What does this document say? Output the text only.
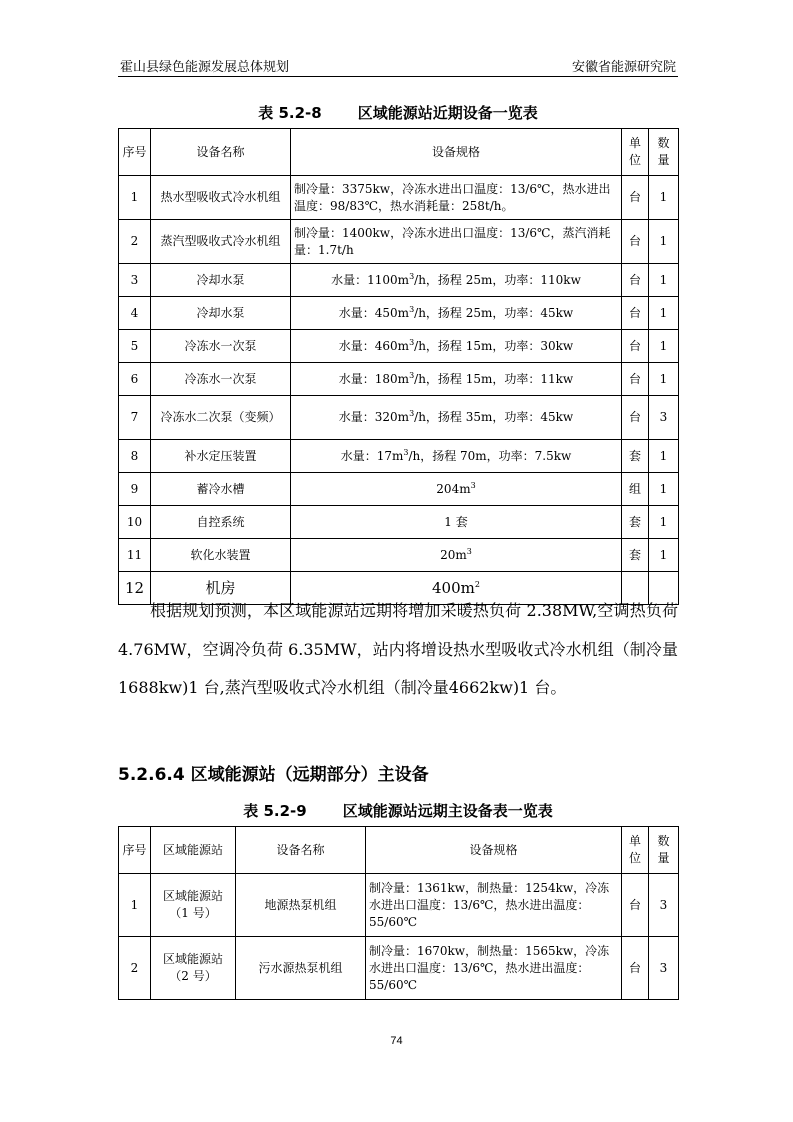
霍山县绿色能源发展总体规划	安徽省能源研究院
表 5.2-8 区域能源站近期设备一览表
序号	设备名称	设备规格	单位	数量
1	热水型吸收式冷水机组	制冷量：3375kw，冷冻水进出口温度：13/6℃，热水进出温度：98/83℃，热水消耗量：258t/h。	台	1
2	蒸汽型吸收式冷水机组	制冷量：1400kw，冷冻水进出口温度：13/6℃，蒸汽消耗量：1.7t/h	台	1
3	冷却水泵	水量：$1100m^3/h$，扬程 25m，功率：110kw	台	1
4	冷却水泵	水量：$450m^3/h$，扬程 25m，功率：45kw	台	1
5	冷冻水一次泵	水量：$460m^3/h$，扬程 15m，功率：30kw	台	1
6	冷冻水一次泵	水量：$180m^3/h$，扬程 15m，功率：11kw	台	1
7	冷冻水二次泵（变频）	水量：$320m^3/h$，扬程 35m，功率：45kw	台	3
8	补水定压装置	水量：$17m^3/h$，扬程 70m，功率：7.5kw	套	1
9	蓄冷水槽	$204m^3$	组	1
10	自控系统	1 套	套	1
11	软化水装置	$20m^3$	套	1
12	机房	$400m^2$		
根据规划预测，本区域能源站远期将增加采暖热负荷 2.38MW,空调热负荷 4.76MW，空调冷负荷 6.35MW，站内将增设热水型吸收式冷水机组（制冷量 1688kw)1 台,蒸汽型吸收式冷水机组（制冷量4662kw)1 台。
5.2.6.4 区域能源站（远期部分）主设备
表 5.2-9 区域能源站远期主设备表一览表
序号	区域能源站	设备名称	设备规格	单位	数量
1	区域能源站（1 号）	地源热泵机组	制冷量：1361kw，制热量：1254kw，冷冻水进出口温度：13/6℃，热水进出温度：55/60℃	台	3
2	区域能源站（2 号）	污水源热泵机组	制冷量：1670kw，制热量：1565kw，冷冻水进出口温度：13/6℃，热水进出温度：55/60℃	台	3
74
